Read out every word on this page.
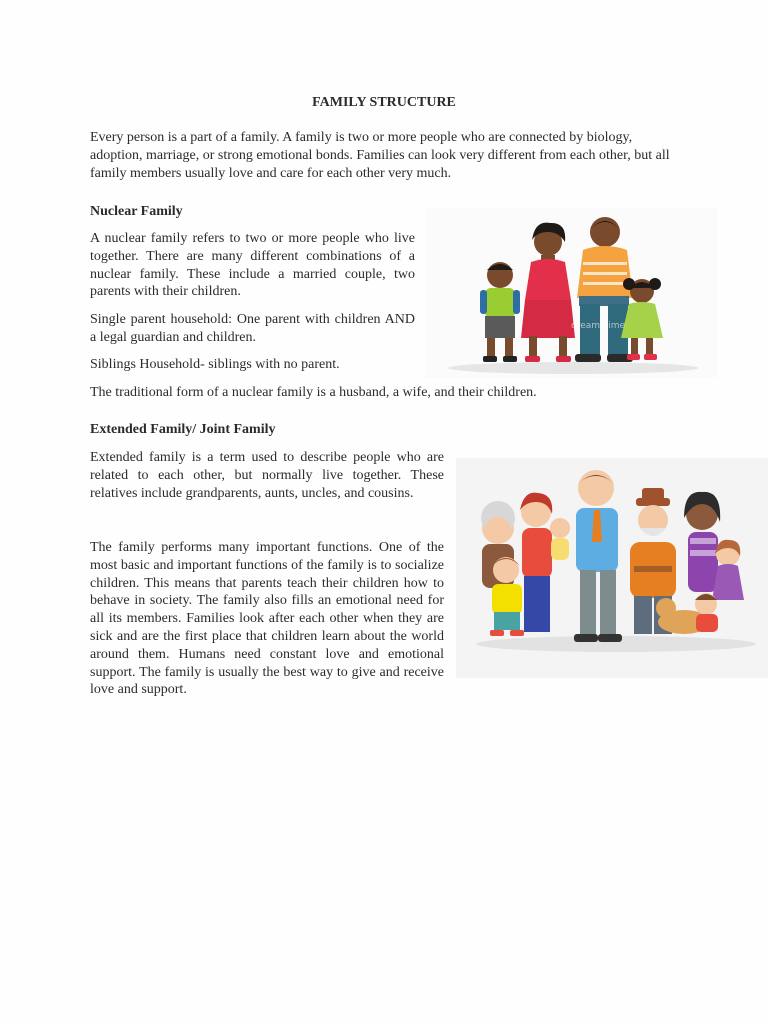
FAMILY STRUCTURE

Every person is a part of a family. A family is two or more people who are connected by biology, adoption, marriage, or strong emotional bonds. Families can look very different from each other, but all family members usually love and care for each other very much.

Nuclear Family

A nuclear family refers to two or more people who live together. There are many different combinations of a nuclear family. These include a married couple, two parents with their children.

Single parent household: One parent with children AND a legal guardian and children.

Siblings Household- siblings with no parent.

The traditional form of a nuclear family is a husband, a wife, and their children.

dreamstime

Extended Family/ Joint Family

Extended family is a term used to describe people who are related to each other, but normally live together. These relatives include grandparents, aunts, uncles, and cousins.

The family performs many important functions. One of the most basic and important functions of the family is to socialize children. This means that parents teach their children how to behave in society. The family also fills an emotional need for all its members. Families look after each other when they are sick and are the first place that children learn about the world around them. Humans need constant love and emotional support. The family is usually the best way to give and receive love and support.
